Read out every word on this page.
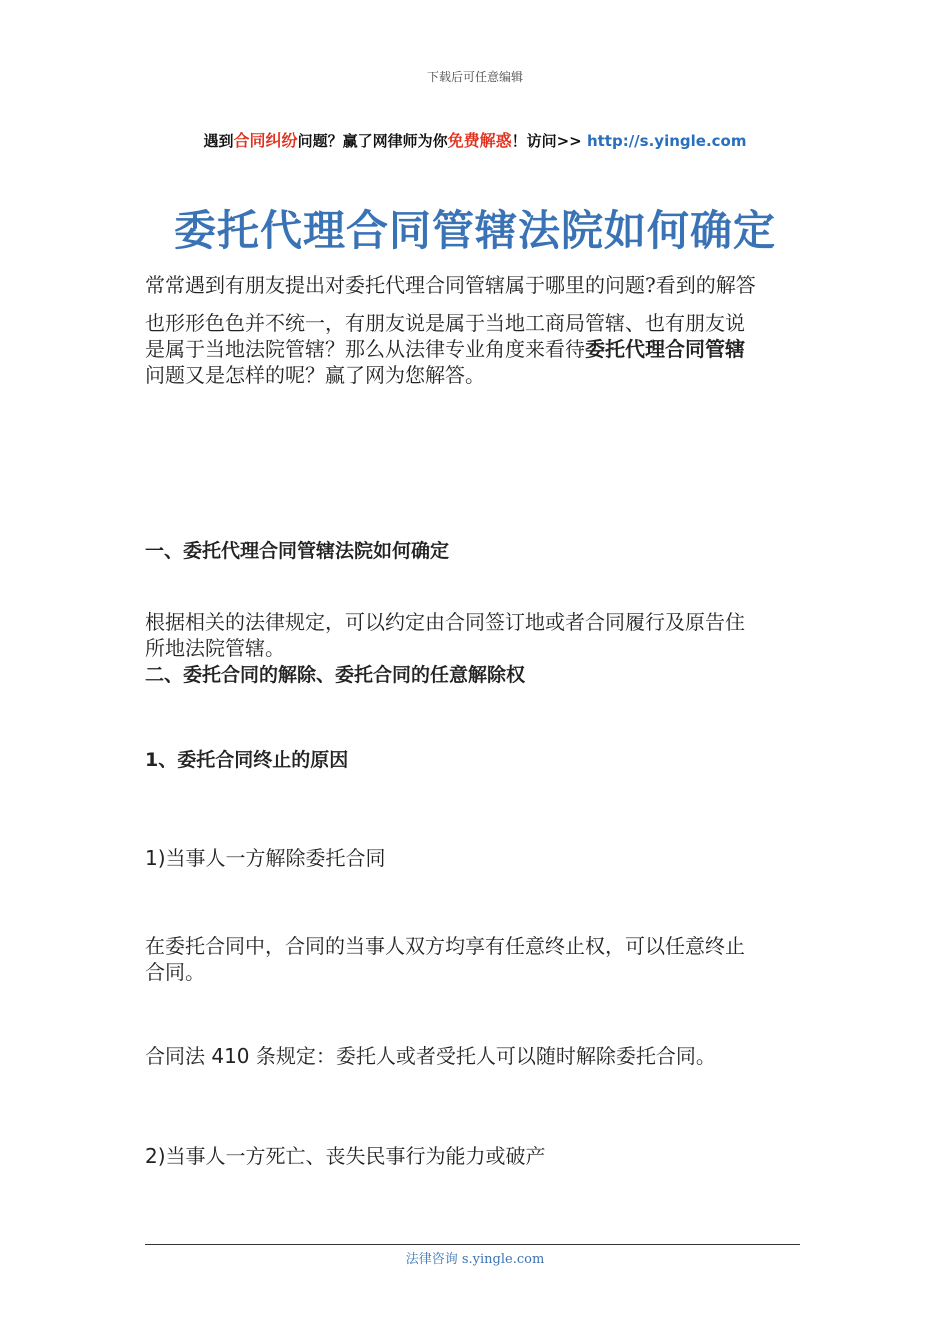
下载后可任意编辑
遇到合同纠纷问题？赢了网律师为你免费解惑！访问>> http://s.yingle.com
委托代理合同管辖法院如何确定
常常遇到有朋友提出对委托代理合同管辖属于哪里的问题?看到的解答
也形形色色并不统一，有朋友说是属于当地工商局管辖、也有朋友说
是属于当地法院管辖？那么从法律专业角度来看待委托代理合同管辖
问题又是怎样的呢？赢了网为您解答。
一、委托代理合同管辖法院如何确定
根据相关的法律规定，可以约定由合同签订地或者合同履行及原告住
所地法院管辖。
二、委托合同的解除、委托合同的任意解除权
1、委托合同终止的原因
1)当事人一方解除委托合同
在委托合同中，合同的当事人双方均享有任意终止权，可以任意终止
合同。
合同法 410 条规定：委托人或者受托人可以随时解除委托合同。
2)当事人一方死亡、丧失民事行为能力或破产
法律咨询 s.yingle.com
